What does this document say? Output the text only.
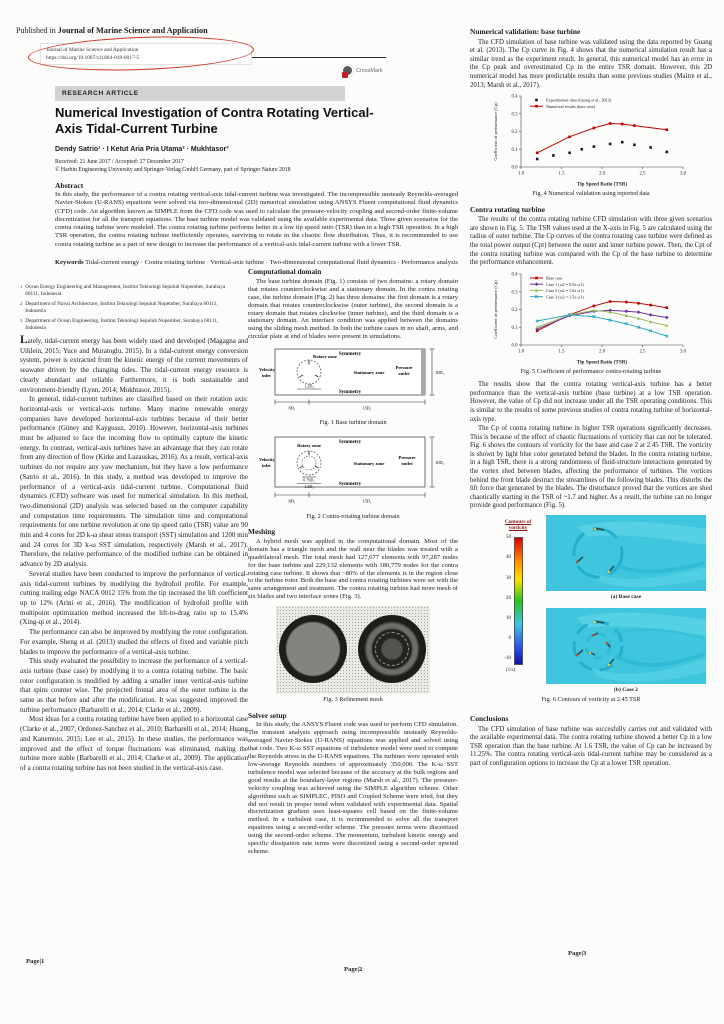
Published in Journal of Marine Science and Application
Journal of Marine Science and Application
https://doi.org/10.1007/s11804-018-0017-5
CrossMark
RESEARCH ARTICLE
Numerical Investigation of Contra Rotating Vertical-Axis Tidal-Current Turbine
Dendy Satrio¹ · I Ketut Aria Pria Utama² · Mukhtasor³
Received: 21 June 2017 / Accepted: 27 December 2017
© Harbin Engineering University and Springer-Verlag GmbH Germany, part of Springer Nature 2018
Abstract
In this study, the performance of a contra rotating vertical-axis tidal-current turbine was investigated. The incompressible unsteady Reynolds-averaged Navier-Stokes (U-RANS) equations were solved via two-dimensional (2D) numerical simulation using ANSYS Fluent computational fluid dynamics (CFD) code. An algorithm known as SIMPLE from the CFD code was used to calculate the pressure-velocity coupling and second-order finite-volume discretization for all the transport equations. The base turbine model was validated using the available experimental data. Three given scenarios for the contra rotating turbine were modeled. The contra rotating turbine performs better in a low tip speed ratio (TSR) than in a high TSR operation. In a high TSR operation, the contra rotating turbine inefficiently operates, surviving to rotate in the chaotic flow distribution. Thus, it is recommended to use contra rotating turbine as a part of new design to increase the performance of a vertical-axis tidal-current turbine with a lower TSR.
Keywords Tidal-current energy · Contra rotating turbine · Vertical-axis turbine · Two-dimensional computational fluid dynamics · Performance analysis
1 Ocean Energy Engineering and Management, Institut Teknologi Sepuluh Nopember, Surabaya 60111, Indonesia
2 Department of Naval Architecture, Institut Teknologi Sepuluh Nopember, Surabaya 60111, Indonesia
3 Department of Ocean Engineering, Institut Teknologi Sepuluh Nopember, Surabaya 60111, Indonesia

Lately, tidal-current energy has been widely used and developed (Magagna and Uihlein, 2015; Yuce and Muratoglu, 2015). In a tidal-current energy conversion system, power is extracted from the kinetic energy of the current movements of seawater driven by the changing tides. The tidal-current energy resource is clearly abundant and reliable. Furthermore, it is both sustainable and environment-friendly (Lynn, 2014; Mukhtasor, 2015).

In general, tidal-current turbines are classified based on their rotation axis: horizontal-axis or vertical-axis turbine. Many marine renewable energy companies have developed horizontal-axis turbines because of their better performance (Güney and Kaygusuz, 2010). However, horizontal-axis turbines must be adjusted to face the incoming flow to optimally capture the kinetic energy. In contrast, vertical-axis turbines have an advantage that they can rotate from any direction of flow (Kirke and Lazauskas, 2016). As a result, vertical-axis turbines do not require any yaw mechanism, but they have a low performance (Satrio et al., 2016). In this study, a method was developed to improve the performance of a vertical-axis tidal-current turbine. Computational fluid dynamics (CFD) software was used for numerical simulation. In this method, two-dimensional (2D) analysis was selected based on the computer capability and computation time requirements. The simulation time and computational requirements for one turbine revolution at one tip speed ratio (TSR) value are 90 min and 4 cores for 2D k-ω shear stress transport (SST) simulation and 1200 min and 24 cores for 3D k-ω SST simulation, respectively (Marsh et al., 2017). Therefore, the relative performance of the modified turbine can be obtained in advance by 2D analysis.

Several studies have been conducted to improve the performance of vertical-axis tidal-current turbines by modifying the hydrofoil profile. For example, cutting trailing edge NACA 0012 15% from the tip increased the lift coefficient up to 12% (Arini et al., 2016). The modification of hydrofoil profile with multipoint optimization method increased the lift-to-drag ratio up to 15.4% (Xing-qi et al., 2014).

The performance can also be improved by modifying the rotor configuration. For example, Sheng et al. (2013) studied the effects of fixed and variable pitch blades to improve the performance of a vertical-axis turbine.

This study evaluated the possibility to increase the performance of a vertical-axis turbine (base case) by modifying it to a contra rotating turbine. The basic rotor configuration is modified by adding a smaller inner vertical-axis turbine that spins counter wise. The projected frontal area of the outer turbine is the same as that before and after the modification. It was suggested improved the turbine performance (Barbarelli et al., 2014; Clarke et al., 2009).

Most ideas for a contra rotating turbine have been applied to a horizontal case (Clarke et al., 2007; Ordonez-Sanchez et al., 2010; Barbarelli et al., 2014; Huang and Kanemoto, 2015; Lee et al., 2015). In these studies, the performance was improved and the effect of torque fluctuations was eliminated, making the turbine more stable (Barbarelli et al., 2014; Clarke et al., 2009). The application of a contra rotating turbine has not been studied in the vertical-axis case.

Page|1
Computational domain

The base turbine domain (Fig. 1) consists of two domains: a rotary domain that rotates counterclockwise and a stationary domain. In the contra rotating case, the turbine domain (Fig. 2) has three domains: the first domain is a rotary domain that rotates counterclockwise (outer turbine), the second domain is a rotary domain that rotates clockwise (inner turbine), and the third domain is a stationary domain. An interface condition was applied between the domains using the sliding mesh method. In both the turbine cases in no shaft, arms, and circular plate at end of blades were present in simulations.

Symmetry
Symmetry
Velocity
inlet
Pressure
outlet
Rotary zone
Stationary zone
1.2D₁
8D₁	15D₁
10D₁
Fig. 1 Base turbine domain
Symmetry
Symmetry
Velocity
inlet
Pressure
outlet
Rotary zone
Stationary zone
0.79D₁
1.2D₁
8D₁	15D₁
10D₁
Fig. 2 Contra-rotating turbine domain
Meshing

A hybrid mesh was applied in the computational domain. Most of the domain has a triangle mesh and the wall near the blades was treated with a quadrilateral mesh. The total mesh had 127,677 elements with 97,287 nodes for the base turbine and 229,132 elements with 180,779 nodes for the contra rotating case turbine. It shows that ~80% of the elements is in the region close to the turbine rotor. Both the base and contra rotating turbines were set with the same arrangement and treatment. The contra rotating turbine had more mesh of six blades and two interface zones (Fig. 3).

Fig. 3 Refinement mesh
Solver setup

In this study, the ANSYS Fluent code was used to perform CFD simulation. The transient analysis approach using incompressible unsteady Reynolds-averaged Navier-Stokes (U-RANS) equations was applied and solved using that code. Two K-ω SST equations of turbulence model were used to compute the Reynolds stress in the U-RANS equations. The turbines were operated with low-average Reynolds numbers of approximately 350,000. The K-ω SST turbulence model was selected because of the accuracy at the bulk regions and good results at the boundary-layer regions (Marsh et al., 2017). The pressure-velocity coupling was achieved using the SIMPLE algorithm scheme. Other algorithms such as SIMPLEC, PISO and Coupled Scheme were tried, but they did not result in proper trend when validated with experimental data. Spatial discretization gradient uses least-squares cell based on the finite-volume method. In a turbulent case, it is recommended to solve all the transport equations using a second-order scheme. The pressure terms were discretized using the second-order scheme. The momentum, turbulent kinetic energy and specific dissipation rate terms were discretized using a second-order upwind scheme.

Page|2
Numerical validation: base turbine

The CFD simulation of base turbine was validated using the data reported by Guang et al. (2013). The Cp curve in Fig. 4 shows that the numerical simulation result has a similar trend as the experiment result. In general, this numerical model has an error in the Cp peak and overestimated Cp in the entire TSR domain. However, this 2D numerical model has more predictable results than some previous studies (Maitre et al., 2013; Marsh et al., 2017).

1.0	1.5	2.0	2.5	3.0
0.0
0.1
0.2
0.3
0.4
Tip Speed Ratio (TSR)
Coefficient of performance (Cp)
Experimental data (Guang et al., 2013)
Numerical results (base case)
Fig. 4 Numerical validation using reported data
Contra rotating turbine

The results of the contra rotating turbine CFD simulation with three given scenarios are shown in Fig. 5. The TSR values used at the X-axis in Fig. 5 are calculated using the radius of outer turbine. The Cp curves of the contra rotating case turbine were defined as the total power output (Cpt) between the outer and inner turbine power. Then, the Cpt of the contra rotating turbine was compared with the Cp of the base turbine to determine the performance enhancement.

1.0	1.5	2.0	2.5	3.0
0.0
0.1
0.2
0.3
0.4
Tip Speed Ratio (TSR)
Coefficient of performance (Cp)
Base case
Case 1 (ω2 = 0.5x ω1)
Case 2 (ω2 = 1.0x ω1)
Case 3 (ω2 = 1.5x ω1)
Fig. 5 Coefficient of performance contra-rotating turbine

The results show that the contra rotating vertical-axis turbine has a better performance than the vertical-axis turbine (base turbine) at a low TSR operation. However, the value of Cp did not increase under all the TSR operating conditions. This is similar to the results of some previous studies of contra rotating turbine of horizontal-axis type.

The Cp of contra rotating turbine in higher TSR operations significantly decreases. This is because of the effect of chaotic fluctuations of vorticity that can not be tolerated. Fig. 6 shows the contours of vorticity for the base and case 2 at 2.45 TSR. The vorticity is shown by light blue color generated behind the blades. In the contra rotating turbine, in a high TSR, there is a strong randomness of fluid-structure interactions generated by the vortex shed between blades, affecting the performance of turbines. The vortices behind the front blade destruct the streamlines of the following blades. This disturbs the lift force that generated by the blades. The disturbance proved that the vortices are shed chaotically starting in the TSR of ~1.7 and higher. As a result, the turbine can no longer provide good performance (Fig. 5).

Contours of vorticity
50
40
30
20
10
0
-10
(1/s)
(a) Base case
(b) Case 2
Fig. 6 Contours of vorticity at 2.45 TSR
Conclusions

The CFD simulation of base turbine was succesfully carries out and validated with the available experimental data. The contra rotating turbine showed a better Cp in a low TSR operation than the base turbine. At 1.6 TSR, the value of Cp can be increased by 11.25%. The contra rotating vertical-axis tidal-current turbine may be considered as a part of configuration options to increase the Cp at a lower TSR operation.

Page|3
